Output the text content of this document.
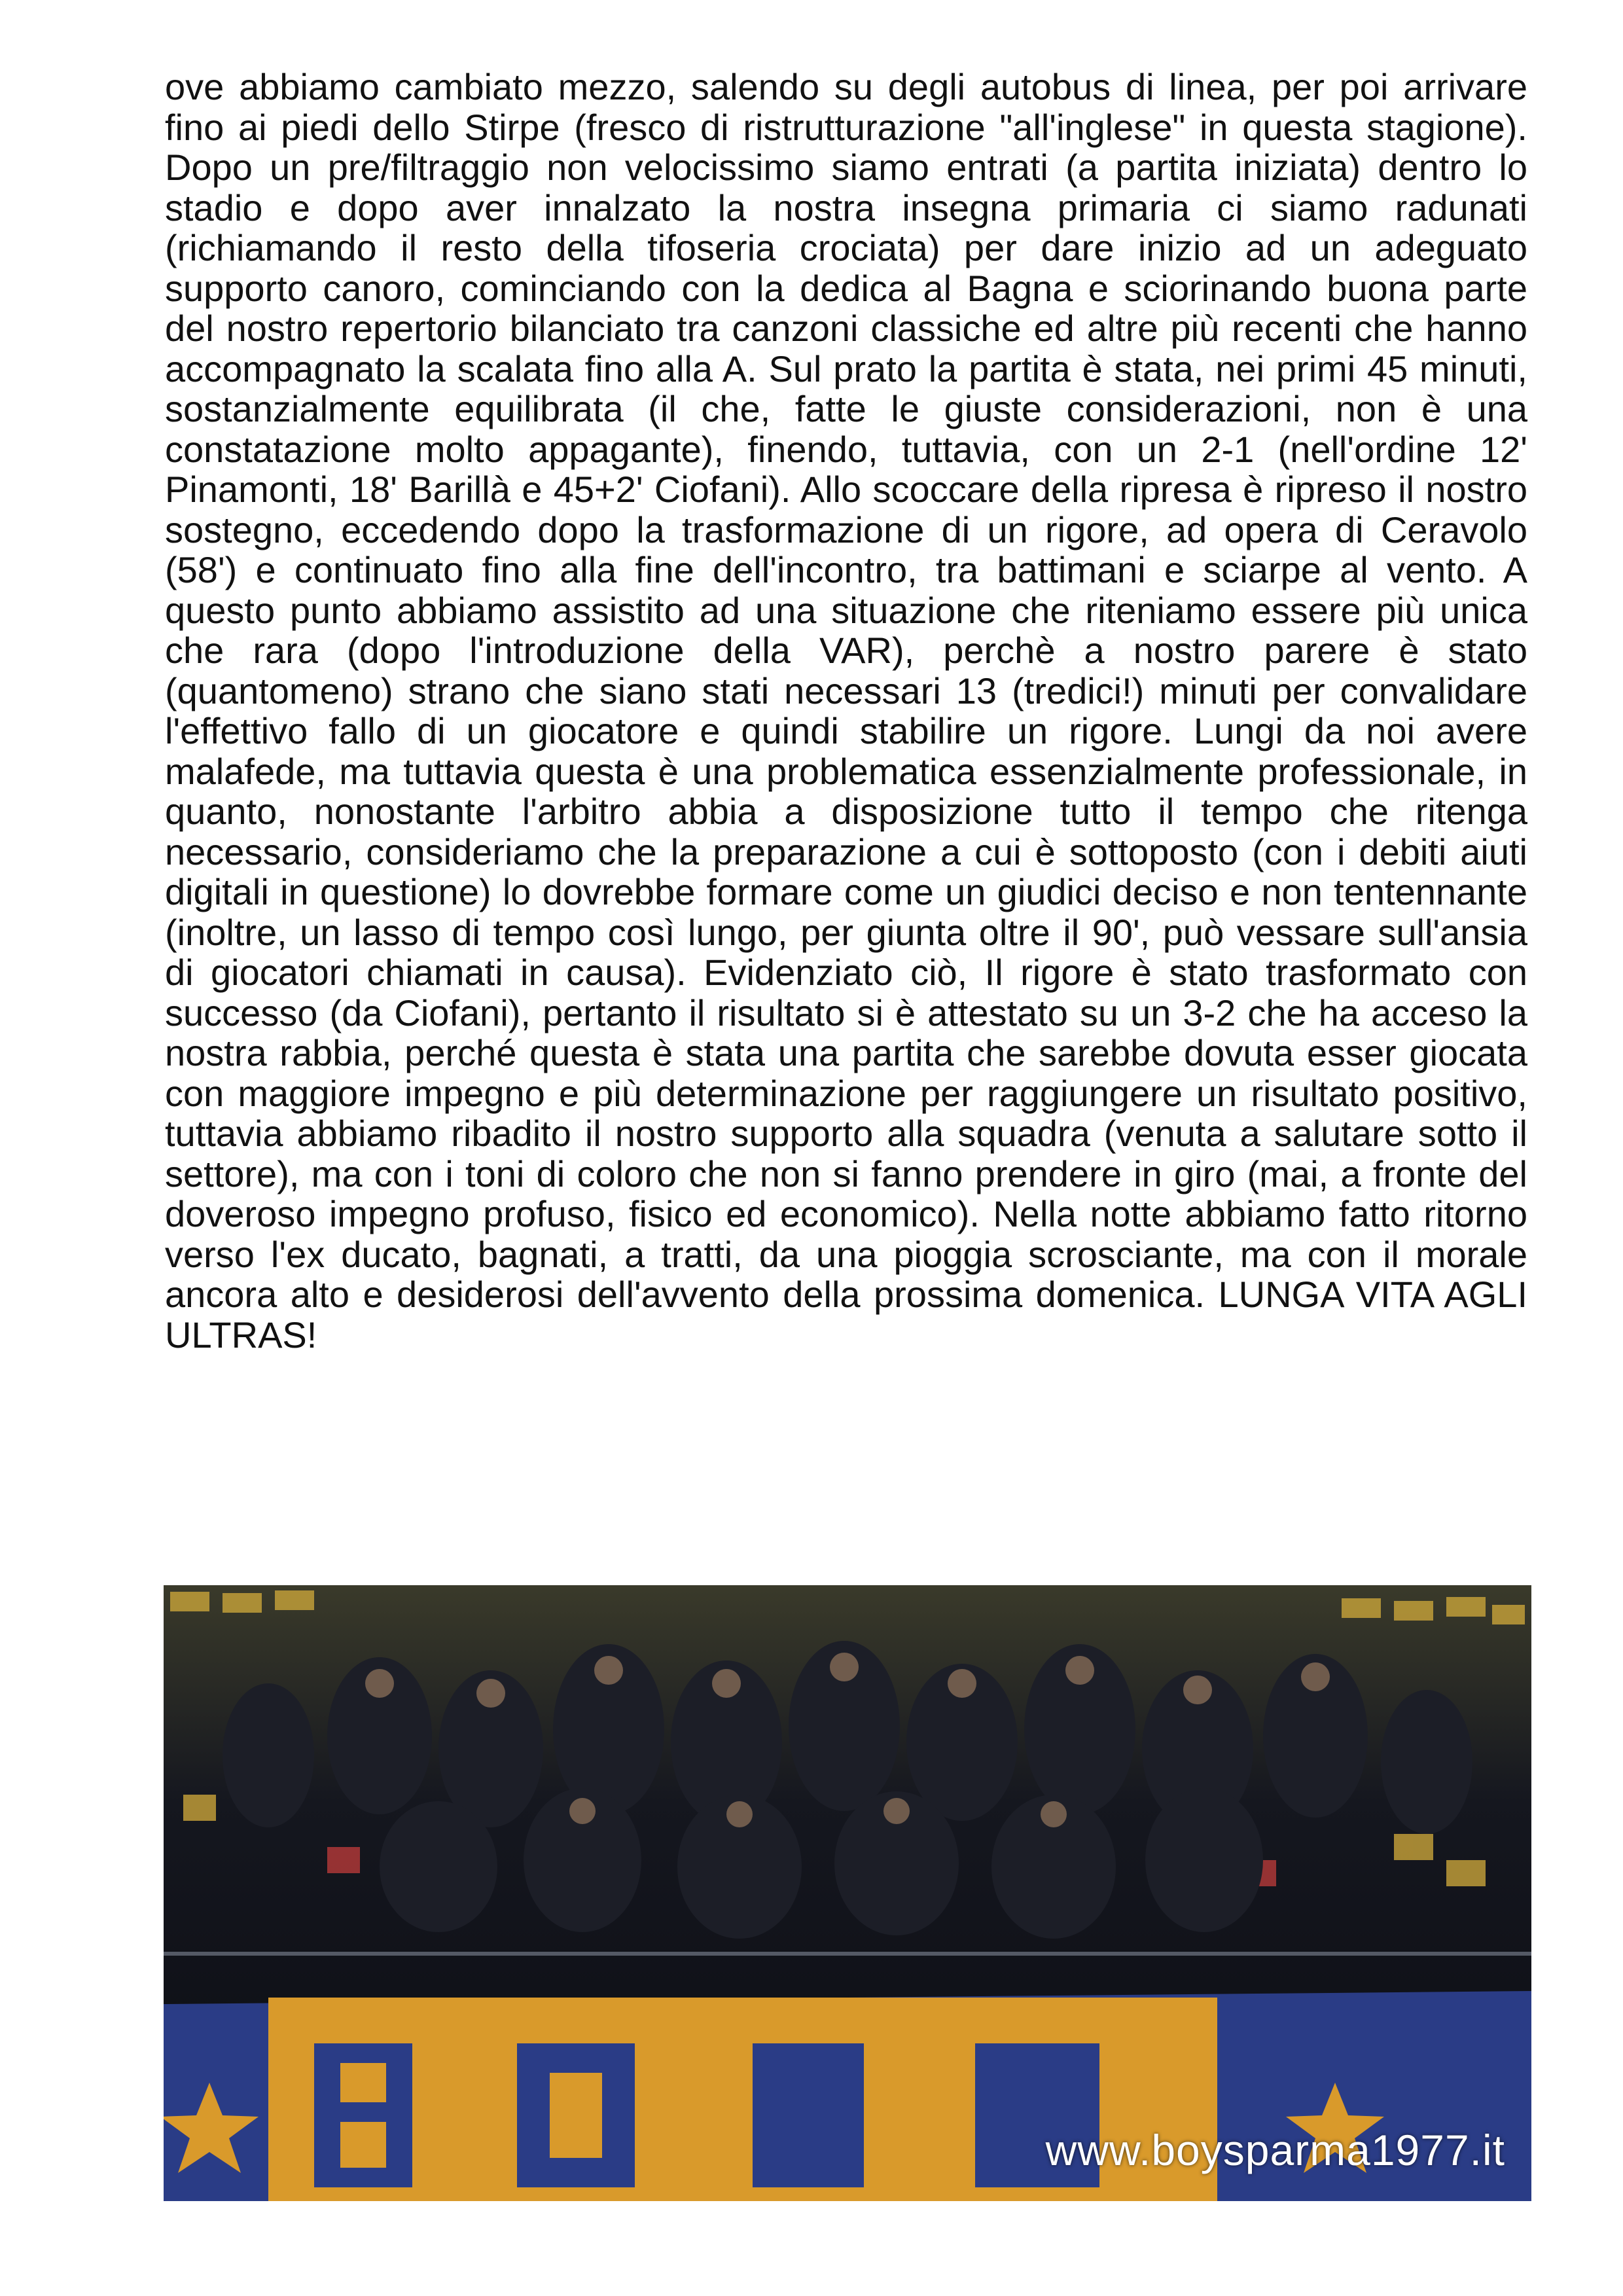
ove abbiamo cambiato mezzo, salendo su degli autobus di linea, per poi arrivare fino ai piedi dello Stirpe (fresco di ristrutturazione "all'inglese" in questa stagione). Dopo un pre/filtraggio non velocissimo siamo entrati (a partita iniziata) dentro lo stadio e dopo aver innalzato la nostra insegna primaria ci siamo radunati (richiamando il resto della tifoseria crociata) per dare inizio ad un adeguato supporto canoro, cominciando con la dedica al Bagna e sciorinando buona parte del nostro repertorio bilanciato tra canzoni classiche ed altre più recenti che hanno accompagnato la scalata fino alla A. Sul prato la partita è stata, nei primi 45 minuti, sostanzialmente equilibrata (il che, fatte le giuste considerazioni, non è una constatazione molto appagante), finendo, tuttavia, con un 2-1 (nell'ordine 12' Pinamonti, 18' Barillà e 45+2' Ciofani). Allo scoccare della ripresa è ripreso il nostro sostegno, eccedendo dopo la trasformazione di un rigore, ad opera di Ceravolo (58') e continuato fino alla fine dell'incontro, tra battimani e sciarpe al vento. A questo punto abbiamo assistito ad una situazione che riteniamo essere più unica che rara (dopo l'introduzione della VAR), perchè a nostro parere è stato (quantomeno) strano che siano stati necessari 13 (tredici!) minuti per convalidare l'effettivo fallo di un giocatore e quindi stabilire un rigore. Lungi da noi avere malafede, ma tuttavia questa è una problematica essenzialmente professionale, in quanto, nonostante l'arbitro abbia a disposizione tutto il tempo che ritenga necessario, consideriamo che la preparazione a cui è sottoposto (con i debiti aiuti digitali in questione) lo dovrebbe formare come un giudici deciso e non tentennante (inoltre, un lasso di tempo così lungo, per giunta oltre il 90', può vessare sull'ansia di giocatori chiamati in causa). Evidenziato ciò, Il rigore è stato trasformato con successo (da Ciofani), pertanto il risultato si è attestato su un 3-2 che ha acceso la nostra rabbia, perché questa è stata una partita che sarebbe dovuta esser giocata con maggiore impegno e più determinazione per raggiungere un risultato positivo, tuttavia abbiamo ribadito il nostro supporto alla squadra (venuta a salutare sotto il settore), ma con i toni di coloro che non si fanno prendere in giro (mai, a fronte del doveroso impegno profuso, fisico ed economico). Nella notte abbiamo fatto ritorno verso l'ex ducato, bagnati, a tratti, da una pioggia scrosciante, ma con il morale ancora alto e desiderosi dell'avvento della prossima domenica. LUNGA VITA AGLI ULTRAS!

www.boysparma1977.it
